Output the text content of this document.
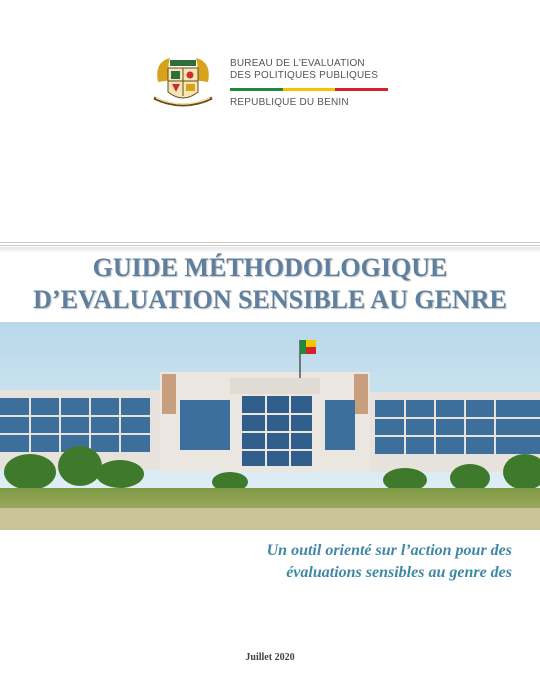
BUREAU DE L'EVALUATION
DES POLITIQUES PUBLIQUES
REPUBLIQUE DU BENIN
GUIDE MÉTHODOLOGIQUE
D’EVALUATION SENSIBLE AU GENRE
Un outil orienté sur l’action pour des
évaluations sensibles au genre des
Juillet 2020
